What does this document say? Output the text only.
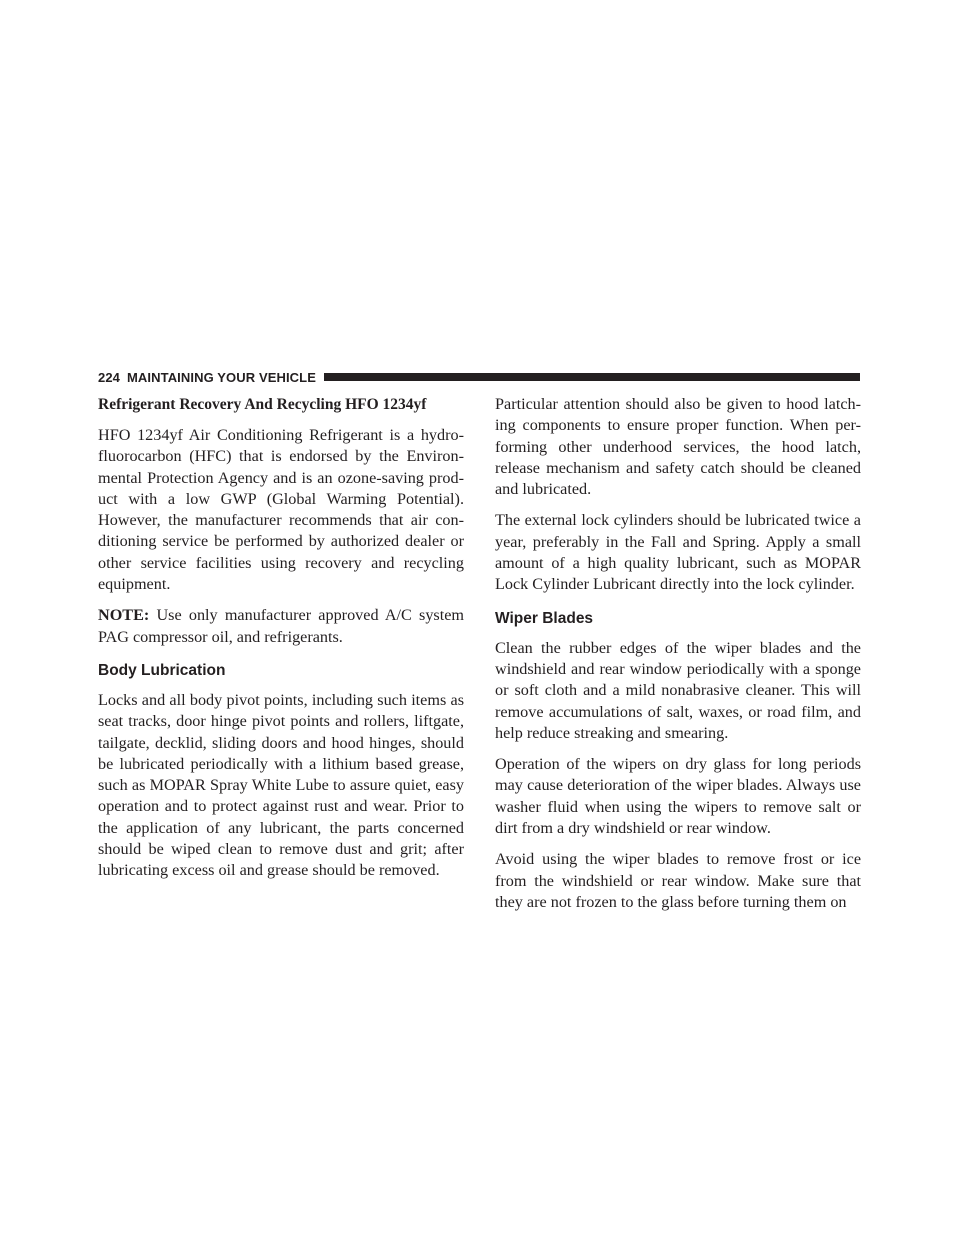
224 MAINTAINING YOUR VEHICLE
Refrigerant Recovery And Recycling HFO 1234yf

HFO 1234yf Air Conditioning Refrigerant is a hydro-fluorocarbon (HFC) that is endorsed by the Environ-mental Protection Agency and is an ozone-saving prod-uct with a low GWP (Global Warming Potential). However, the manufacturer recommends that air con-ditioning service be performed by authorized dealer or other service facilities using recovery and recycling equipment.

NOTE: Use only manufacturer approved A/C system PAG compressor oil, and refrigerants.

Body Lubrication

Locks and all body pivot points, including such items as seat tracks, door hinge pivot points and rollers, liftgate, tailgate, decklid, sliding doors and hood hinges, should be lubricated periodically with a lithium based grease, such as MOPAR Spray White Lube to assure quiet, easy operation and to protect against rust and wear. Prior to the application of any lubricant, the parts concerned should be wiped clean to remove dust and grit; after lubricating excess oil and grease should be removed.

Particular attention should also be given to hood latch-ing components to ensure proper function. When per-forming other underhood services, the hood latch, release mechanism and safety catch should be cleaned and lubricated.

The external lock cylinders should be lubricated twice a year, preferably in the Fall and Spring. Apply a small amount of a high quality lubricant, such as MOPAR Lock Cylinder Lubricant directly into the lock cylinder.

Wiper Blades

Clean the rubber edges of the wiper blades and the windshield and rear window periodically with a sponge or soft cloth and a mild nonabrasive cleaner. This will remove accumulations of salt, waxes, or road film, and help reduce streaking and smearing.

Operation of the wipers on dry glass for long periods may cause deterioration of the wiper blades. Always use washer fluid when using the wipers to remove salt or dirt from a dry windshield or rear window.

Avoid using the wiper blades to remove frost or ice from the windshield or rear window. Make sure that they are not frozen to the glass before turning them on
